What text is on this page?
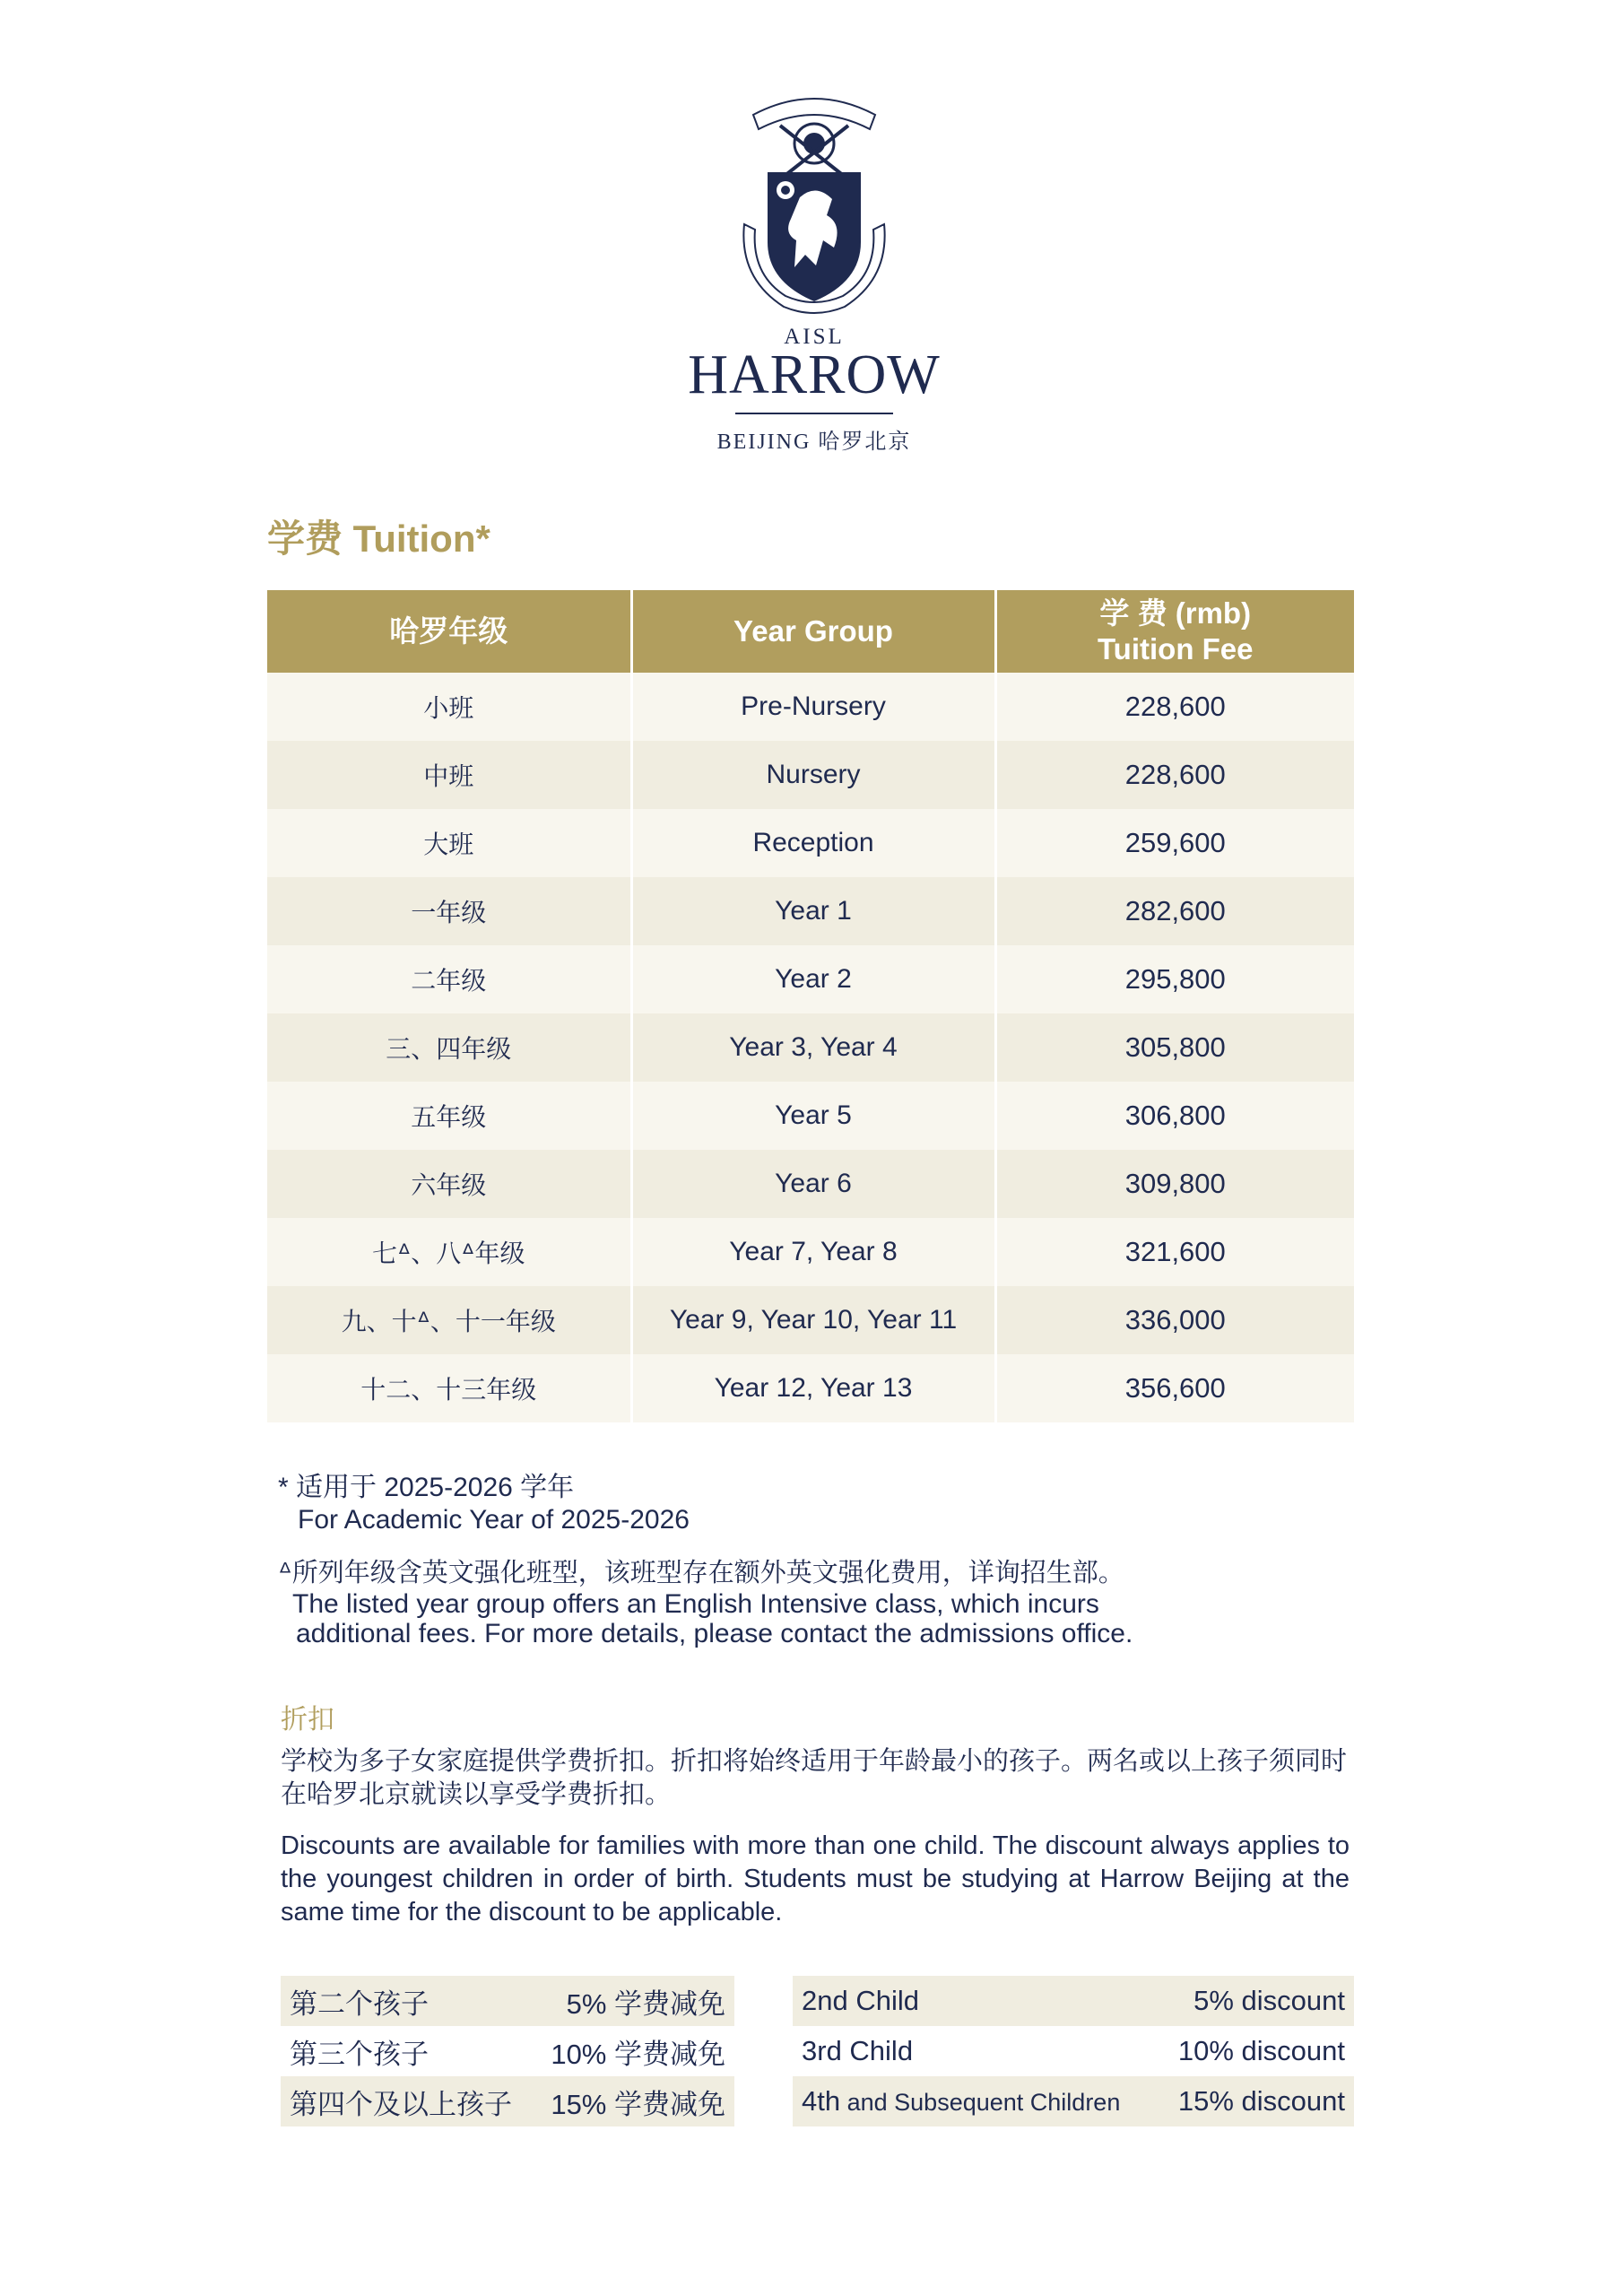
AISL
HARROW
BEIJING 哈罗北京
学费 Tuition*
哈罗年级	Year Group	学 费 (rmb)
Tuition Fee

小班	Pre-Nursery	228,600
中班	Nursery	228,600
大班	Reception	259,600
一年级	Year 1	282,600
二年级	Year 2	295,800
三、四年级	Year 3, Year 4	305,800
五年级	Year 5	306,800
六年级	Year 6	309,800
七ᐞ、八ᐞ年级	Year 7, Year 8	321,600
九、十ᐞ、十一年级	Year 9, Year 10, Year 11	336,000
十二、十三年级	Year 12, Year 13	356,600
* 适用于 2025-2026 学年
For Academic Year of 2025-2026
ᐞ所列年级含英文强化班型，该班型存在额外英文强化费用，详询招生部。
The listed year group offers an English Intensive class, which incurs
additional fees. For more details, please contact the admissions office.
折扣
学校为多子女家庭提供学费折扣。折扣将始终适用于年龄最小的孩子。两名或以上孩子须同时在哈罗北京就读以享受学费折扣。
Discounts are available for families with more than one child. The discount always applies to the youngest children in order of birth. Students must be studying at Harrow Beijing at the same time for the discount to be applicable.
第二个孩子	5% 学费减免
第三个孩子	10% 学费减免
第四个及以上孩子	15% 学费减免
2nd Child	5% discount
3rd Child	10% discount
4th and Subsequent Children	15% discount
